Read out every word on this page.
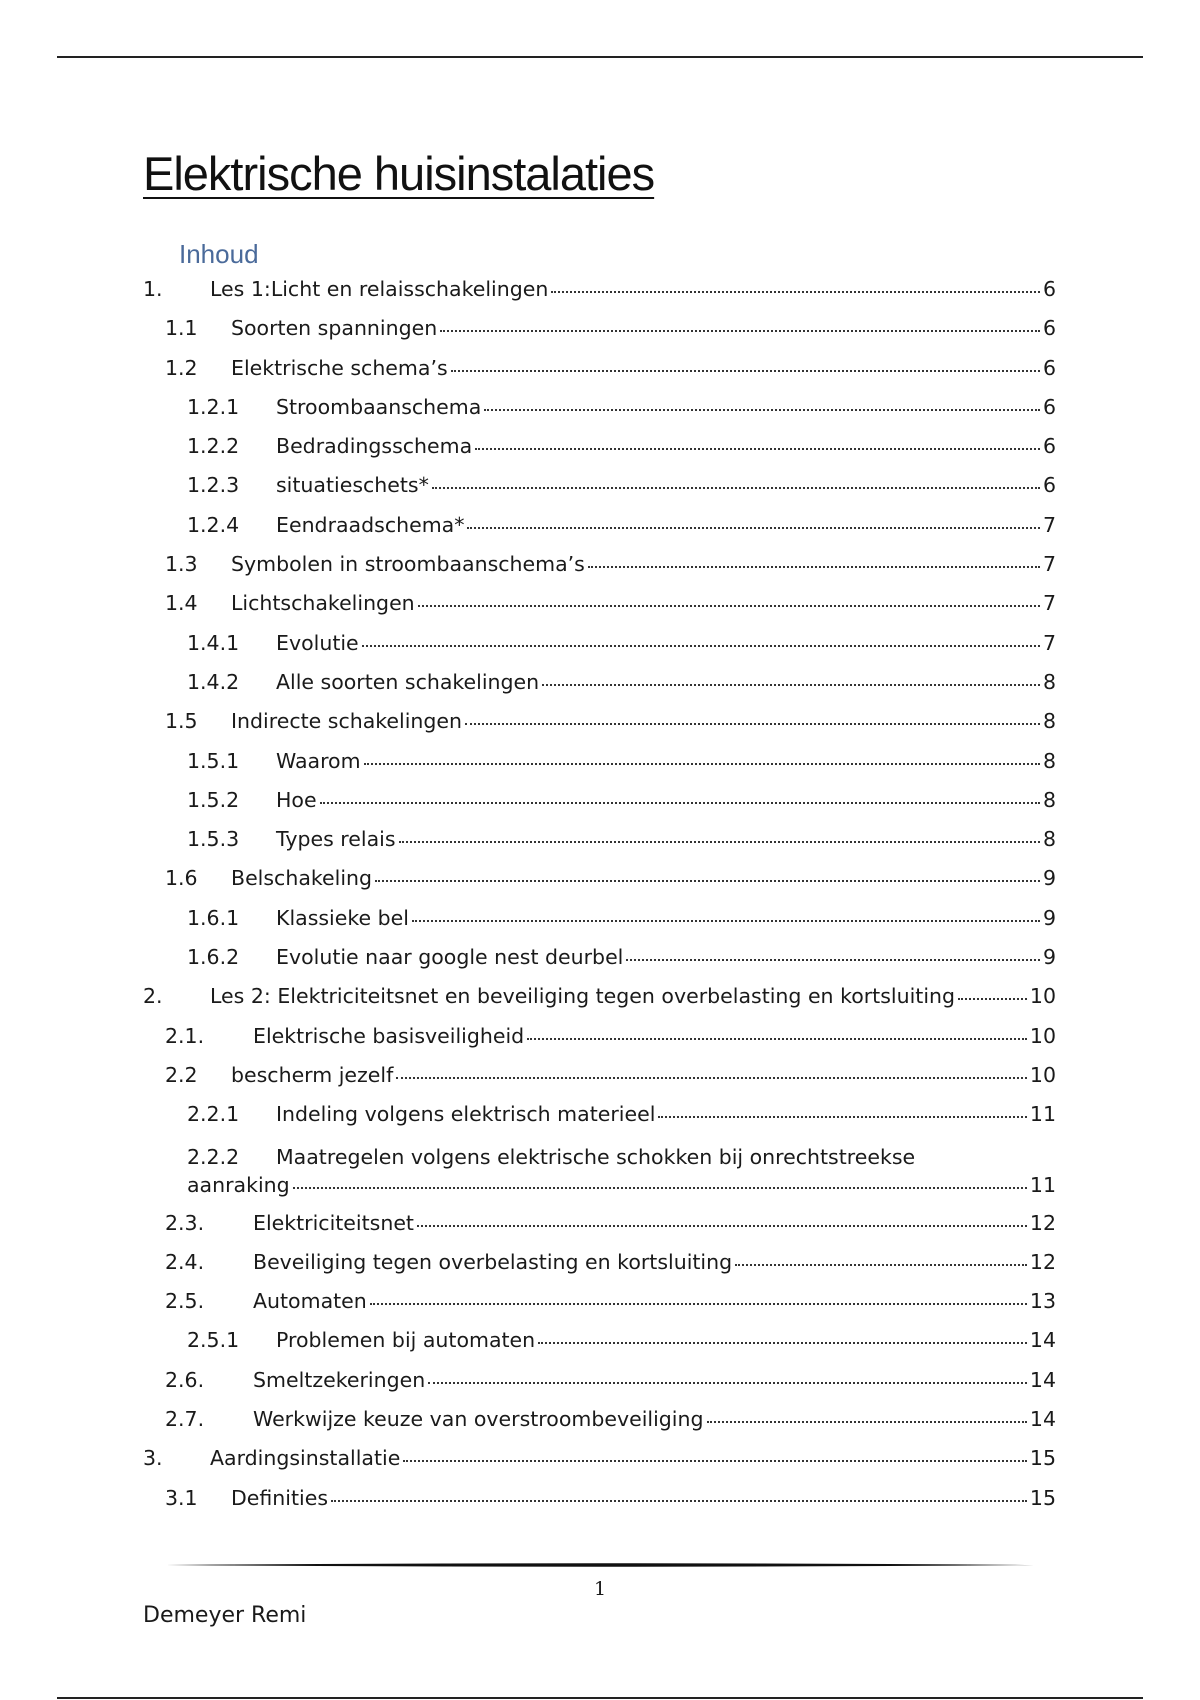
Elektrische huisinstalaties
Inhoud
1.	Les 1:Licht en relaisschakelingen	6
1.1	Soorten spanningen	6
1.2	Elektrische schema’s	6
1.2.1	Stroombaanschema	6
1.2.2	Bedradingsschema	6
1.2.3	situatieschets*	6
1.2.4	Eendraadschema*	7
1.3	Symbolen in stroombaanschema’s	7
1.4	Lichtschakelingen	7
1.4.1	Evolutie	7
1.4.2	Alle soorten schakelingen	8
1.5	Indirecte schakelingen	8
1.5.1	Waarom	8
1.5.2	Hoe	8
1.5.3	Types relais	8
1.6	Belschakeling	9
1.6.1	Klassieke bel	9
1.6.2	Evolutie naar google nest deurbel	9
2.	Les 2: Elektriciteitsnet en beveiliging tegen overbelasting en kortsluiting	10
2.1.	Elektrische basisveiligheid	10
2.2	bescherm jezelf	10
2.2.1	Indeling volgens elektrisch materieel	11
2.2.2 Maatregelen volgens elektrische schokken bij onrechtstreekse
aanraking	11
2.3.	Elektriciteitsnet	12
2.4.	Beveiliging tegen overbelasting en kortsluiting	12
2.5.	Automaten	13
2.5.1	Problemen bij automaten	14
2.6.	Smeltzekeringen	14
2.7.	Werkwijze keuze van overstroombeveiliging	14
3.	Aardingsinstallatie	15
3.1	Definities	15
1
Demeyer Remi
